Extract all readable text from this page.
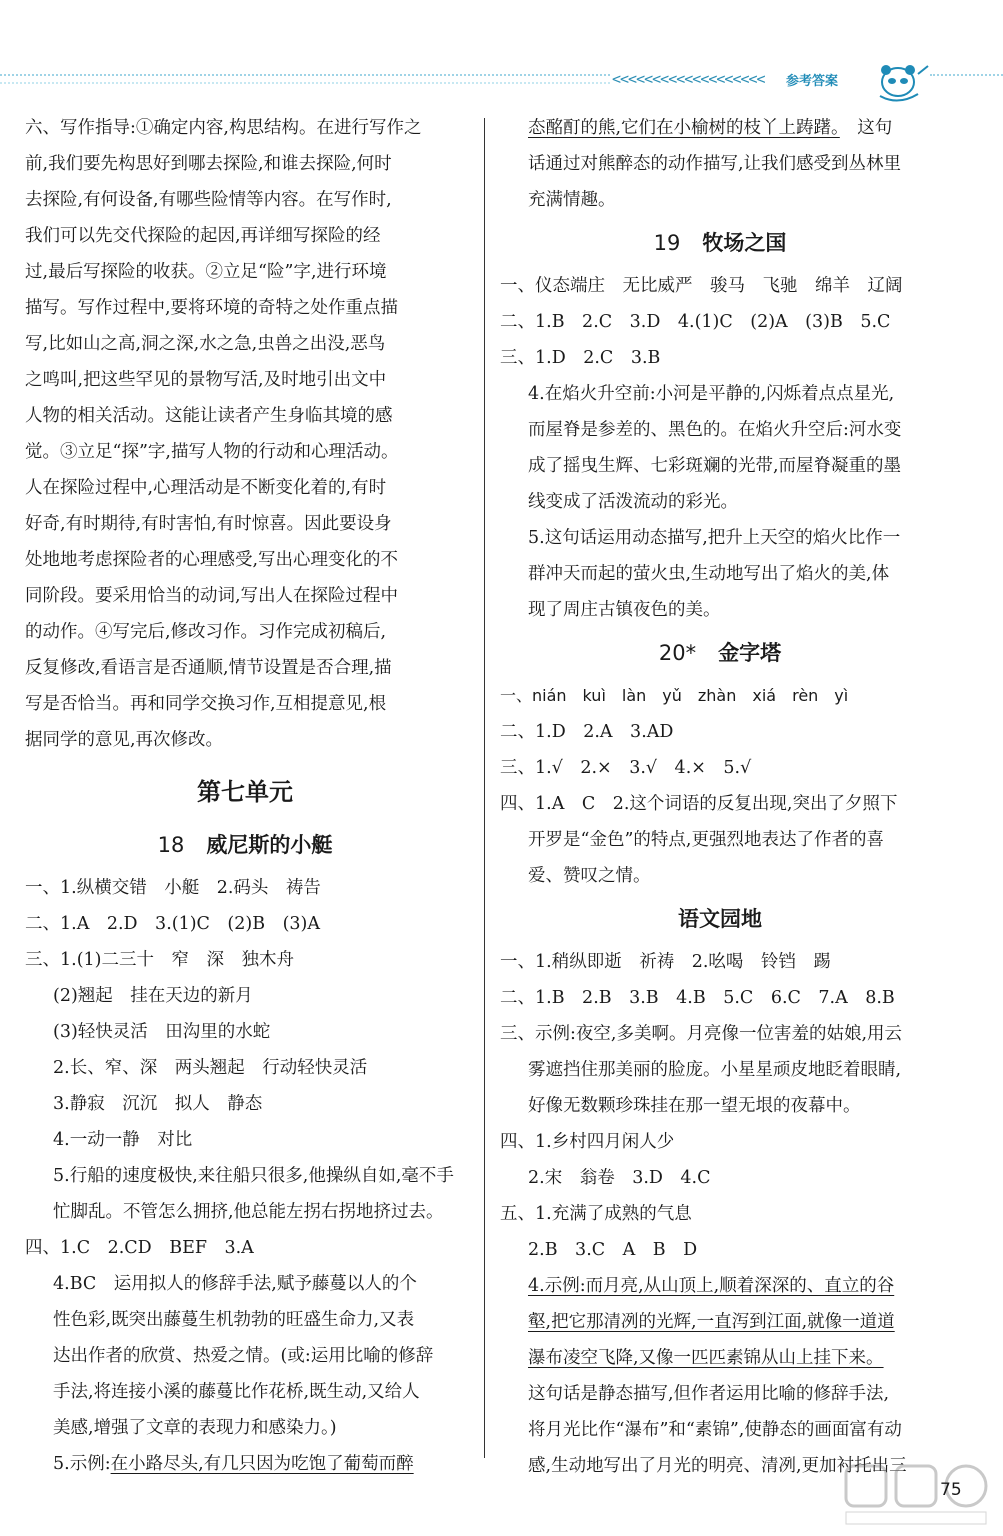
<<<<<<<<<<<<<<<<<<< 参考答案
六、写作指导:①确定内容,构思结构。在进行写作之
前,我们要先构思好到哪去探险,和谁去探险,何时
去探险,有何设备,有哪些险情等内容。在写作时,
我们可以先交代探险的起因,再详细写探险的经
过,最后写探险的收获。②立足“险”字,进行环境
描写。写作过程中,要将环境的奇特之处作重点描
写,比如山之高,洞之深,水之急,虫兽之出没,恶鸟
之鸣叫,把这些罕见的景物写活,及时地引出文中
人物的相关活动。这能让读者产生身临其境的感
觉。③立足“探”字,描写人物的行动和心理活动。
人在探险过程中,心理活动是不断变化着的,有时
好奇,有时期待,有时害怕,有时惊喜。因此要设身
处地地考虑探险者的心理感受,写出心理变化的不
同阶段。要采用恰当的动词,写出人在探险过程中
的动作。④写完后,修改习作。习作完成初稿后,
反复修改,看语言是否通顺,情节设置是否合理,描
写是否恰当。再和同学交换习作,互相提意见,根
据同学的意见,再次修改。
第七单元
18 威尼斯的小艇
一、1.纵横交错　小艇　2.码头　祷告
二、1.A　2.D　3.(1)C　(2)B　(3)A
三、1.(1)二三十　窄　深　独木舟
(2)翘起　挂在天边的新月
(3)轻快灵活　田沟里的水蛇
2.长、窄、深　两头翘起　行动轻快灵活
3.静寂　沉沉　拟人　静态
4.一动一静　对比
5.行船的速度极快,来往船只很多,他操纵自如,毫不手
忙脚乱。不管怎么拥挤,他总能左拐右拐地挤过去。
四、1.C　2.CD　BEF　3.A
4.BC　运用拟人的修辞手法,赋予藤蔓以人的个
性色彩,既突出藤蔓生机勃勃的旺盛生命力,又表
达出作者的欣赏、热爱之情。(或:运用比喻的修辞
手法,将连接小溪的藤蔓比作花桥,既生动,又给人
美感,增强了文章的表现力和感染力。)
5.示例:在小路尽头,有几只因为吃饱了葡萄而醉
态酩酊的熊,它们在小榆树的枝丫上踌躇。　这句
话通过对熊醉态的动作描写,让我们感受到丛林里
充满情趣。
19 牧场之国
一、仪态端庄　无比威严　骏马　飞驰　绵羊　辽阔
二、1.B　2.C　3.D　4.(1)C　(2)A　(3)B　5.C
三、1.D　2.C　3.B
4.在焰火升空前:小河是平静的,闪烁着点点星光,
而屋脊是参差的、黑色的。在焰火升空后:河水变
成了摇曳生辉、七彩斑斓的光带,而屋脊凝重的墨
线变成了活泼流动的彩光。
5.这句话运用动态描写,把升上天空的焰火比作一
群冲天而起的萤火虫,生动地写出了焰火的美,体
现了周庄古镇夜色的美。
20* 金字塔
一、nián　kuì　làn　yǔ　zhàn　xiá　rèn　yì
二、1.D　2.A　3.AD
三、1.√　2.×　3.√　4.×　5.√
四、1.A　C　2.这个词语的反复出现,突出了夕照下
开罗是“金色”的特点,更强烈地表达了作者的喜
爱、赞叹之情。
语文园地
一、1.稍纵即逝　祈祷　2.吆喝　铃铛　踢
二、1.B　2.B　3.B　4.B　5.C　6.C　7.A　8.B
三、示例:夜空,多美啊。月亮像一位害羞的姑娘,用云
雾遮挡住那美丽的脸庞。小星星顽皮地眨着眼睛,
好像无数颗珍珠挂在那一望无垠的夜幕中。
四、1.乡村四月闲人少
2.宋　翁卷　3.D　4.C
五、1.充满了成熟的气息
2.B　3.C　A　B　D
4.示例:而月亮,从山顶上,顺着深深的、直立的谷
壑,把它那清冽的光辉,一直泻到江面,就像一道道
瀑布凌空飞降,又像一匹匹素锦从山上挂下来。
这句话是静态描写,但作者运用比喻的修辞手法,
将月光比作“瀑布”和“素锦”,使静态的画面富有动
感,生动地写出了月光的明亮、清冽,更加衬托出三
75
